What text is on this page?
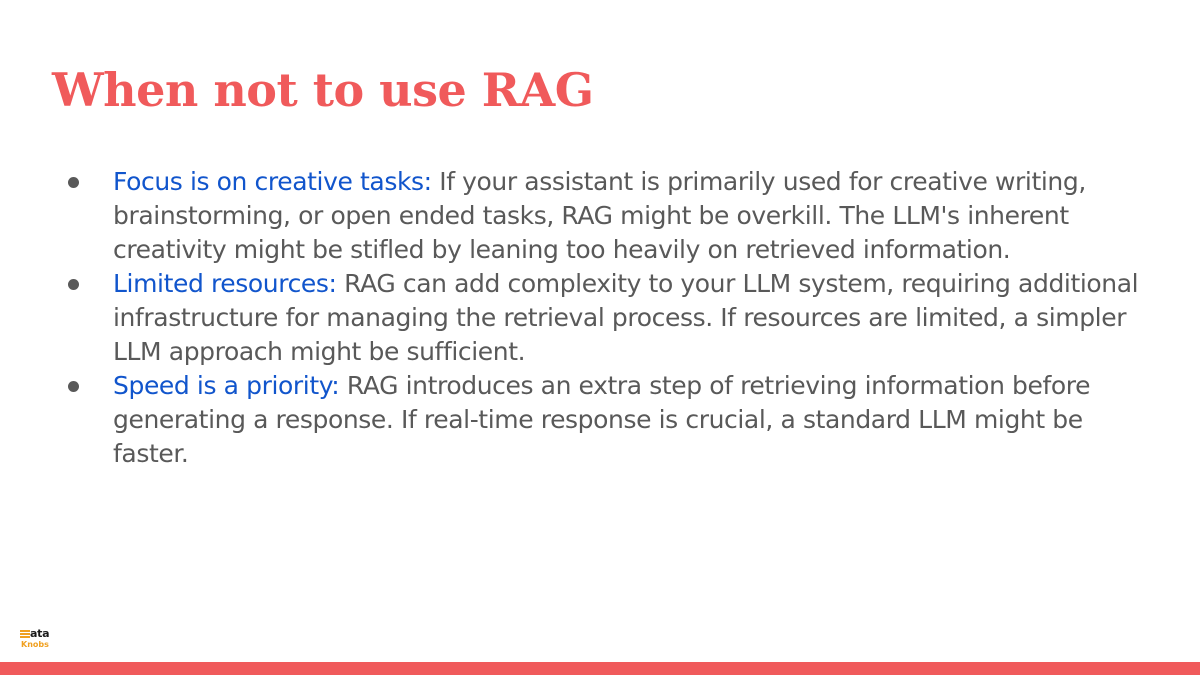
When not to use RAG
Focus is on creative tasks: If your assistant is primarily used for creative writing, brainstorming, or open ended tasks, RAG might be overkill. The LLM's inherent creativity might be stifled by leaning too heavily on retrieved information.
Limited resources: RAG can add complexity to your LLM system, requiring additional infrastructure for managing the retrieval process. If resources are limited, a simpler LLM approach might be sufficient.
Speed is a priority: RAG introduces an extra step of retrieving information before generating a response. If real-time response is crucial, a standard LLM might be faster.
ata
Knobs
